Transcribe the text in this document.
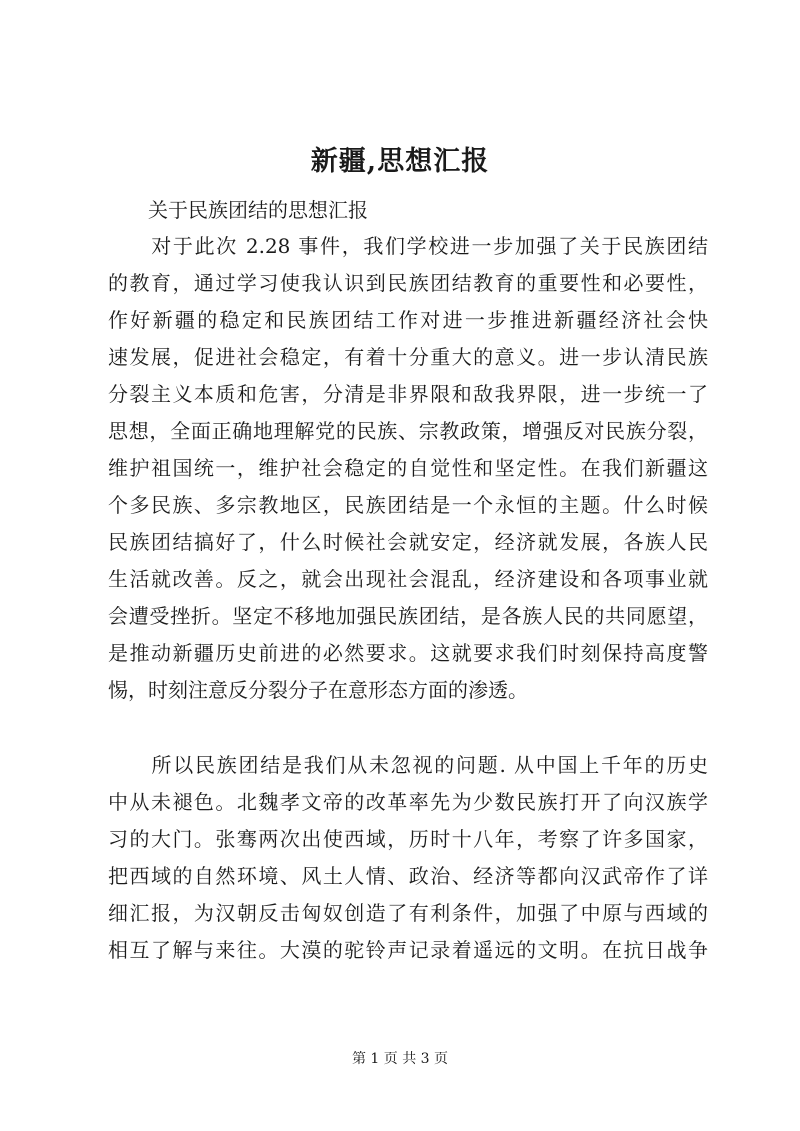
新疆,思想汇报
关于民族团结的思想汇报
　　对于此次 2.28 事件，我们学校进一步加强了关于民族团结
的教育，通过学习使我认识到民族团结教育的重要性和必要性，
作好新疆的稳定和民族团结工作对进一步推进新疆经济社会快
速发展，促进社会稳定，有着十分重大的意义。进一步认清民族
分裂主义本质和危害，分清是非界限和敌我界限，进一步统一了
思想，全面正确地理解党的民族、宗教政策，增强反对民族分裂，
维护祖国统一，维护社会稳定的自觉性和坚定性。在我们新疆这
个多民族、多宗教地区，民族团结是一个永恒的主题。什么时候
民族团结搞好了，什么时候社会就安定，经济就发展，各族人民
生活就改善。反之，就会出现社会混乱，经济建设和各项事业就
会遭受挫折。坚定不移地加强民族团结，是各族人民的共同愿望，
是推动新疆历史前进的必然要求。这就要求我们时刻保持高度警
惕，时刻注意反分裂分子在意形态方面的渗透。
　　所以民族团结是我们从未忽视的问题. 从中国上千年的历史
中从未褪色。北魏孝文帝的改革率先为少数民族打开了向汉族学
习的大门。张骞两次出使西域，历时十八年，考察了许多国家，
把西域的自然环境、风土人情、政治、经济等都向汉武帝作了详
细汇报，为汉朝反击匈奴创造了有利条件，加强了中原与西域的
相互了解与来往。大漠的驼铃声记录着遥远的文明。在抗日战争
第 1 页 共 3 页
